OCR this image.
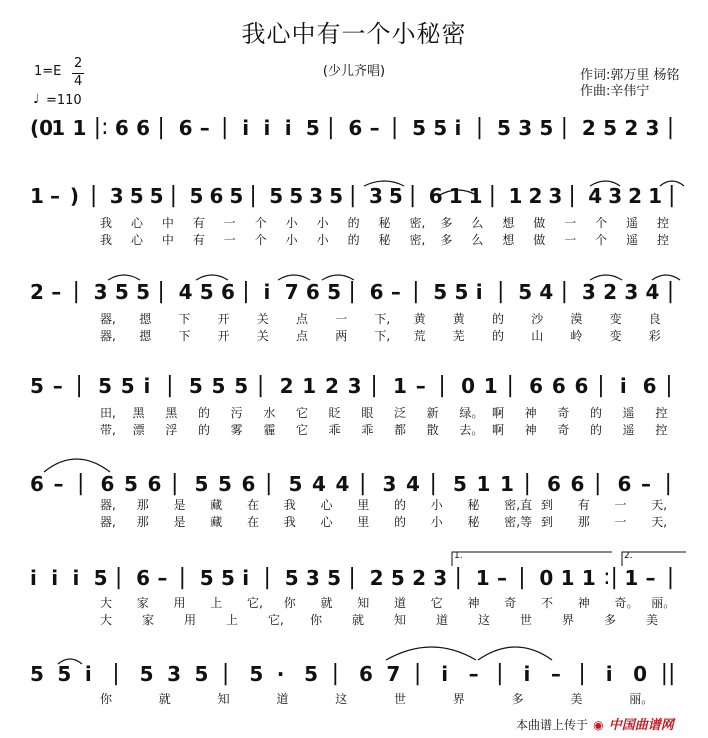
我心中有一个小秘密
(少儿齐唱)
1=E
2
4
♩ =110
作词:郭万里 杨铭
作曲:辛伟宁
(0
1 1 |: 6 6 | 6 – | i i i 5 | 6 – | 5 5 i | 5 3 5 | 2 5 2 3 |
1 – ) | 3 5 5 | 5 6 5 | 5 5 3 5 | 3 5 | 6 1 1 | 1 2 3 | 4 3 2 1 |
我 心 中 有 一 个 小 小 的 秘 密, 多 么 想 做 一 个 遥 控
我 心 中 有 一 个 小 小 的 秘 密, 多 么 想 做 一 个 遥 控
2 – | 3 5 5 | 4 5 6 | i 7 6 5 | 6 – | 5 5 i | 5 4 | 3 2 3 4 |
器, 摁 下 开 关 点 一 下, 黄 黄 的 沙 漠 变 良
器, 摁 下 开 关 点 两 下, 荒 芜 的 山 岭 变 彩
5 – | 5 5 i | 5 5 5 | 2 1 2 3 | 1 – | 0 1 | 6 6 6 | i 6 |
田, 黑 黑 的 污 水 它 眨 眼 泛 新 绿。 啊 神 奇 的 遥 控
带, 漂 浮 的 雾 霾 它 乖 乖 都 散 去。 啊 神 奇 的 遥 控
6 – | 6 5 6 | 5 5 6 | 5 4 4 | 3 4 | 5 1 1 | 6 6 | 6 – |
器, 那 是 藏 在 我 心 里 的 小 秘 密,直 到 有 一 天,
器, 那 是 藏 在 我 心 里 的 小 秘 密,等 到 那 一 天,
i i i 5 | 6 – | 5 5 i | 5 3 5 | 2 5 2 3 | 1 – | 0 1 1 :| 1 – |
大 家 用 上 它, 你 就 知 道 它 神 奇 不 神 奇。 丽。
大 家 用 上 它, 你 就 知 道 这 世 界 多 美
5 5 i | 5 3 5 | 5 · 5 | 6 7 | i – | i – | i 0 ||
你	就	知	道	这	世	界	多	美	丽。
1.	2.
本曲谱上传于 ◉ 中国曲谱网
